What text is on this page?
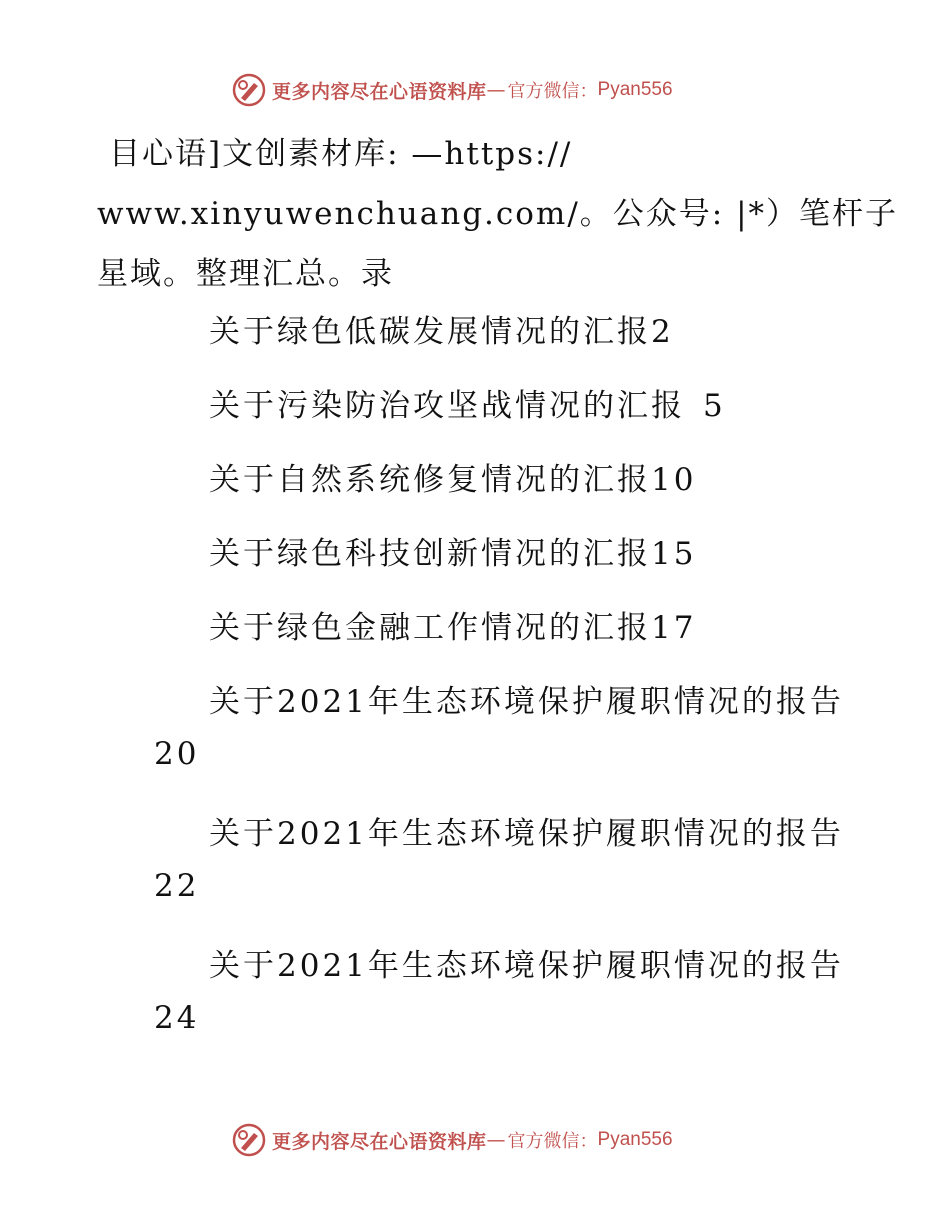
更多内容尽在心语资料库 — 官方微信： Pyan556
目心语]文创素材库: —https://
www.xinyuwenchuang.com/。公众号: |*）笔杆子
星域。整理汇总。录
关于绿色低碳发展情况的汇报2
关于污染防治攻坚战情况的汇报 5
关于自然系统修复情况的汇报10
关于绿色科技创新情况的汇报15
关于绿色金融工作情况的汇报17
关于2021年生态环境保护履职情况的报告
20
关于2021年生态环境保护履职情况的报告
22
关于2021年生态环境保护履职情况的报告
24
更多内容尽在心语资料库 — 官方微信： Pyan556
